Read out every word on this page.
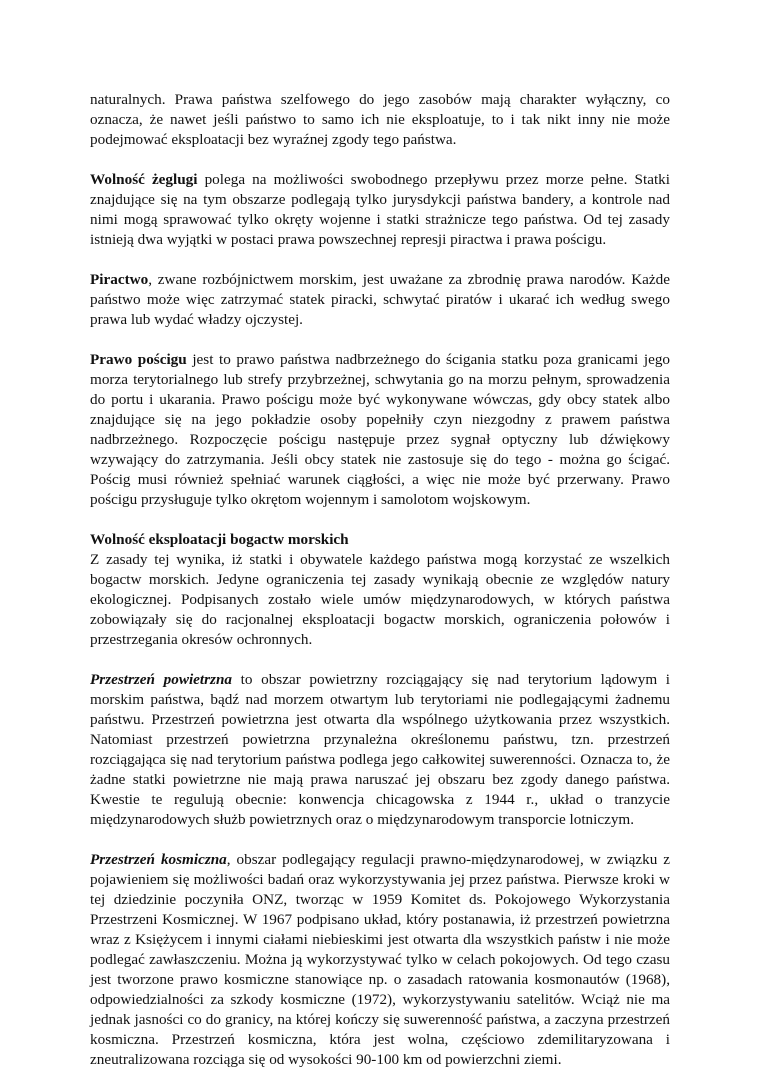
naturalnych. Prawa państwa szelfowego do jego zasobów mają charakter wyłączny, co oznacza, że nawet jeśli państwo to samo ich nie eksploatuje, to i tak nikt inny nie może podejmować eksploatacji bez wyraźnej zgody tego państwa.

Wolność żeglugi polega na możliwości swobodnego przepływu przez morze pełne. Statki znajdujące się na tym obszarze podlegają tylko jurysdykcji państwa bandery, a kontrole nad nimi mogą sprawować tylko okręty wojenne i statki strażnicze tego państwa. Od tej zasady istnieją dwa wyjątki w postaci prawa powszechnej represji piractwa i prawa pościgu.

Piractwo, zwane rozbójnictwem morskim, jest uważane za zbrodnię prawa narodów. Każde państwo może więc zatrzymać statek piracki, schwytać piratów i ukarać ich według swego prawa lub wydać władzy ojczystej.

Prawo pościgu jest to prawo państwa nadbrzeżnego do ścigania statku poza granicami jego morza terytorialnego lub strefy przybrzeżnej, schwytania go na morzu pełnym, sprowadzenia do portu i ukarania. Prawo pościgu może być wykonywane wówczas, gdy obcy statek albo znajdujące się na jego pokładzie osoby popełniły czyn niezgodny z prawem państwa nadbrzeżnego. Rozpoczęcie pościgu następuje przez sygnał optyczny lub dźwiękowy wzywający do zatrzymania. Jeśli obcy statek nie zastosuje się do tego - można go ścigać. Pościg musi również spełniać warunek ciągłości, a więc nie może być przerwany. Prawo pościgu przysługuje tylko okrętom wojennym i samolotom wojskowym.

Wolność eksploatacji bogactw morskich
Z zasady tej wynika, iż statki i obywatele każdego państwa mogą korzystać ze wszelkich bogactw morskich. Jedyne ograniczenia tej zasady wynikają obecnie ze względów natury ekologicznej. Podpisanych zostało wiele umów międzynarodowych, w których państwa zobowiązały się do racjonalnej eksploatacji bogactw morskich, ograniczenia połowów i przestrzegania okresów ochronnych.

Przestrzeń powietrzna to obszar powietrzny rozciągający się nad terytorium lądowym i morskim państwa, bądź nad morzem otwartym lub terytoriami nie podlegającymi żadnemu państwu. Przestrzeń powietrzna jest otwarta dla wspólnego użytkowania przez wszystkich. Natomiast przestrzeń powietrzna przynależna określonemu państwu, tzn. przestrzeń rozciągająca się nad terytorium państwa podlega jego całkowitej suwerenności. Oznacza to, że żadne statki powietrzne nie mają prawa naruszać jej obszaru bez zgody danego państwa. Kwestie te regulują obecnie: konwencja chicagowska z 1944 r., układ o tranzycie międzynarodowych służb powietrznych oraz o międzynarodowym transporcie lotniczym.

Przestrzeń kosmiczna, obszar podlegający regulacji prawno-międzynarodowej, w związku z pojawieniem się możliwości badań oraz wykorzystywania jej przez państwa. Pierwsze kroki w tej dziedzinie poczyniła ONZ, tworząc w 1959 Komitet ds. Pokojowego Wykorzystania Przestrzeni Kosmicznej. W 1967 podpisano układ, który postanawia, iż przestrzeń powietrzna wraz z Księżycem i innymi ciałami niebieskimi jest otwarta dla wszystkich państw i nie może podlegać zawłaszczeniu. Można ją wykorzystywać tylko w celach pokojowych. Od tego czasu jest tworzone prawo kosmiczne stanowiące np. o zasadach ratowania kosmonautów (1968), odpowiedzialności za szkody kosmiczne (1972), wykorzystywaniu satelitów. Wciąż nie ma jednak jasności co do granicy, na której kończy się suwerenność państwa, a zaczyna przestrzeń kosmiczna. Przestrzeń kosmiczna, która jest wolna, częściowo zdemilitaryzowana i zneutralizowana rozciąga się od wysokości 90-100 km od powierzchni ziemi.
